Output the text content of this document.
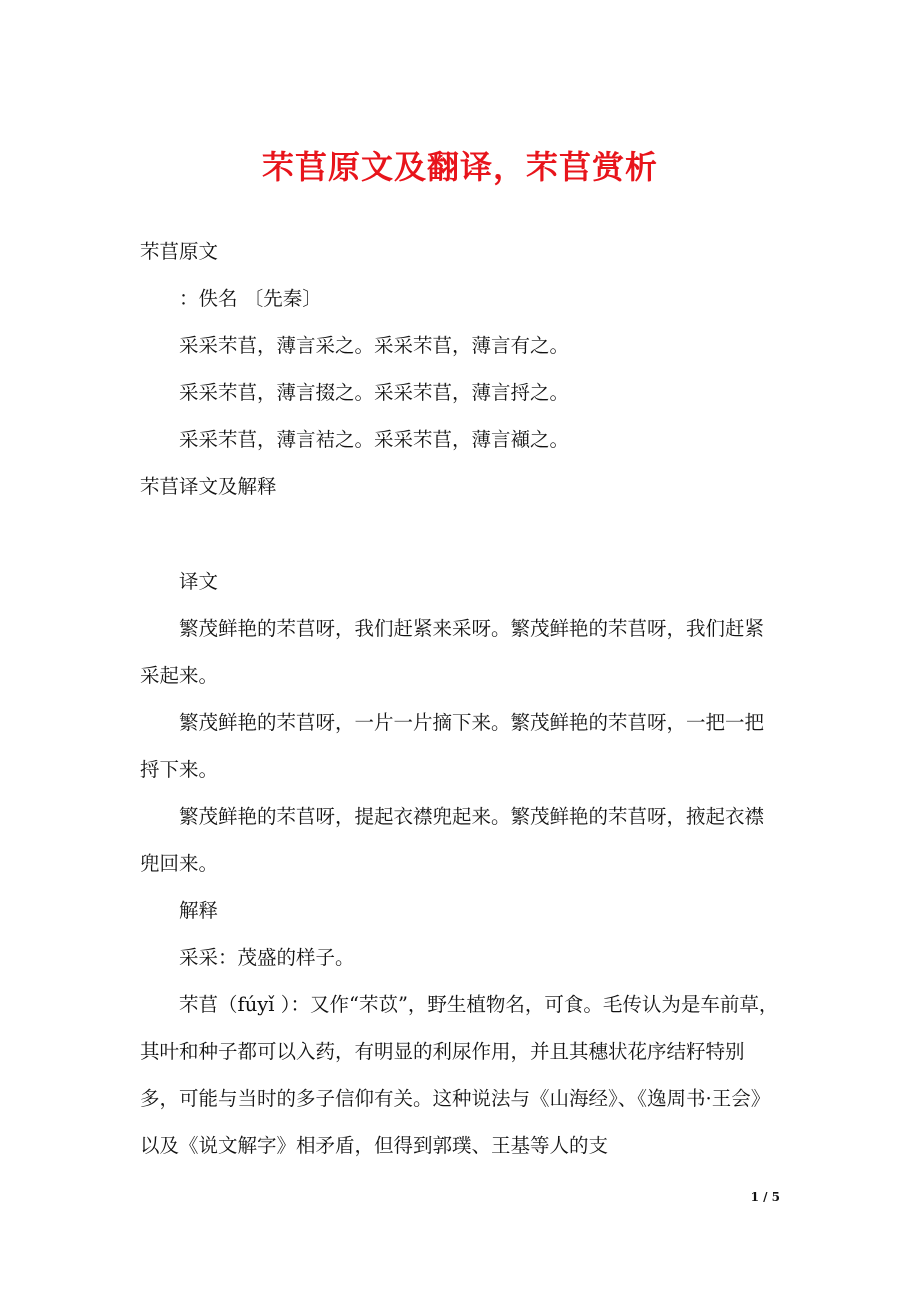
芣苢原文及翻译，芣苢赏析

芣苢原文

：佚名 〔先秦〕

采采芣苢，薄言采之。采采芣苢，薄言有之。

采采芣苢，薄言掇之。采采芣苢，薄言捋之。

采采芣苢，薄言袺之。采采芣苢，薄言襭之。

芣苢译文及解释

译文

繁茂鲜艳的芣苢呀，我们赶紧来采呀。繁茂鲜艳的芣苢呀，我们赶紧采起来。

繁茂鲜艳的芣苢呀，一片一片摘下来。繁茂鲜艳的芣苢呀，一把一把捋下来。

繁茂鲜艳的芣苢呀，提起衣襟兜起来。繁茂鲜艳的芣苢呀，掖起衣襟兜回来。

解释

采采：茂盛的样子。

芣苢（fúyǐ ）：又作“芣苡”，野生植物名，可食。毛传认为是车前草，其叶和种子都可以入药，有明显的利尿作用，并且其穗状花序结籽特别多，可能与当时的多子信仰有关。这种说法与《山海经》、《逸周书·王会》以及《说文解字》相矛盾，但得到郭璞、王基等人的支

1 / 5
